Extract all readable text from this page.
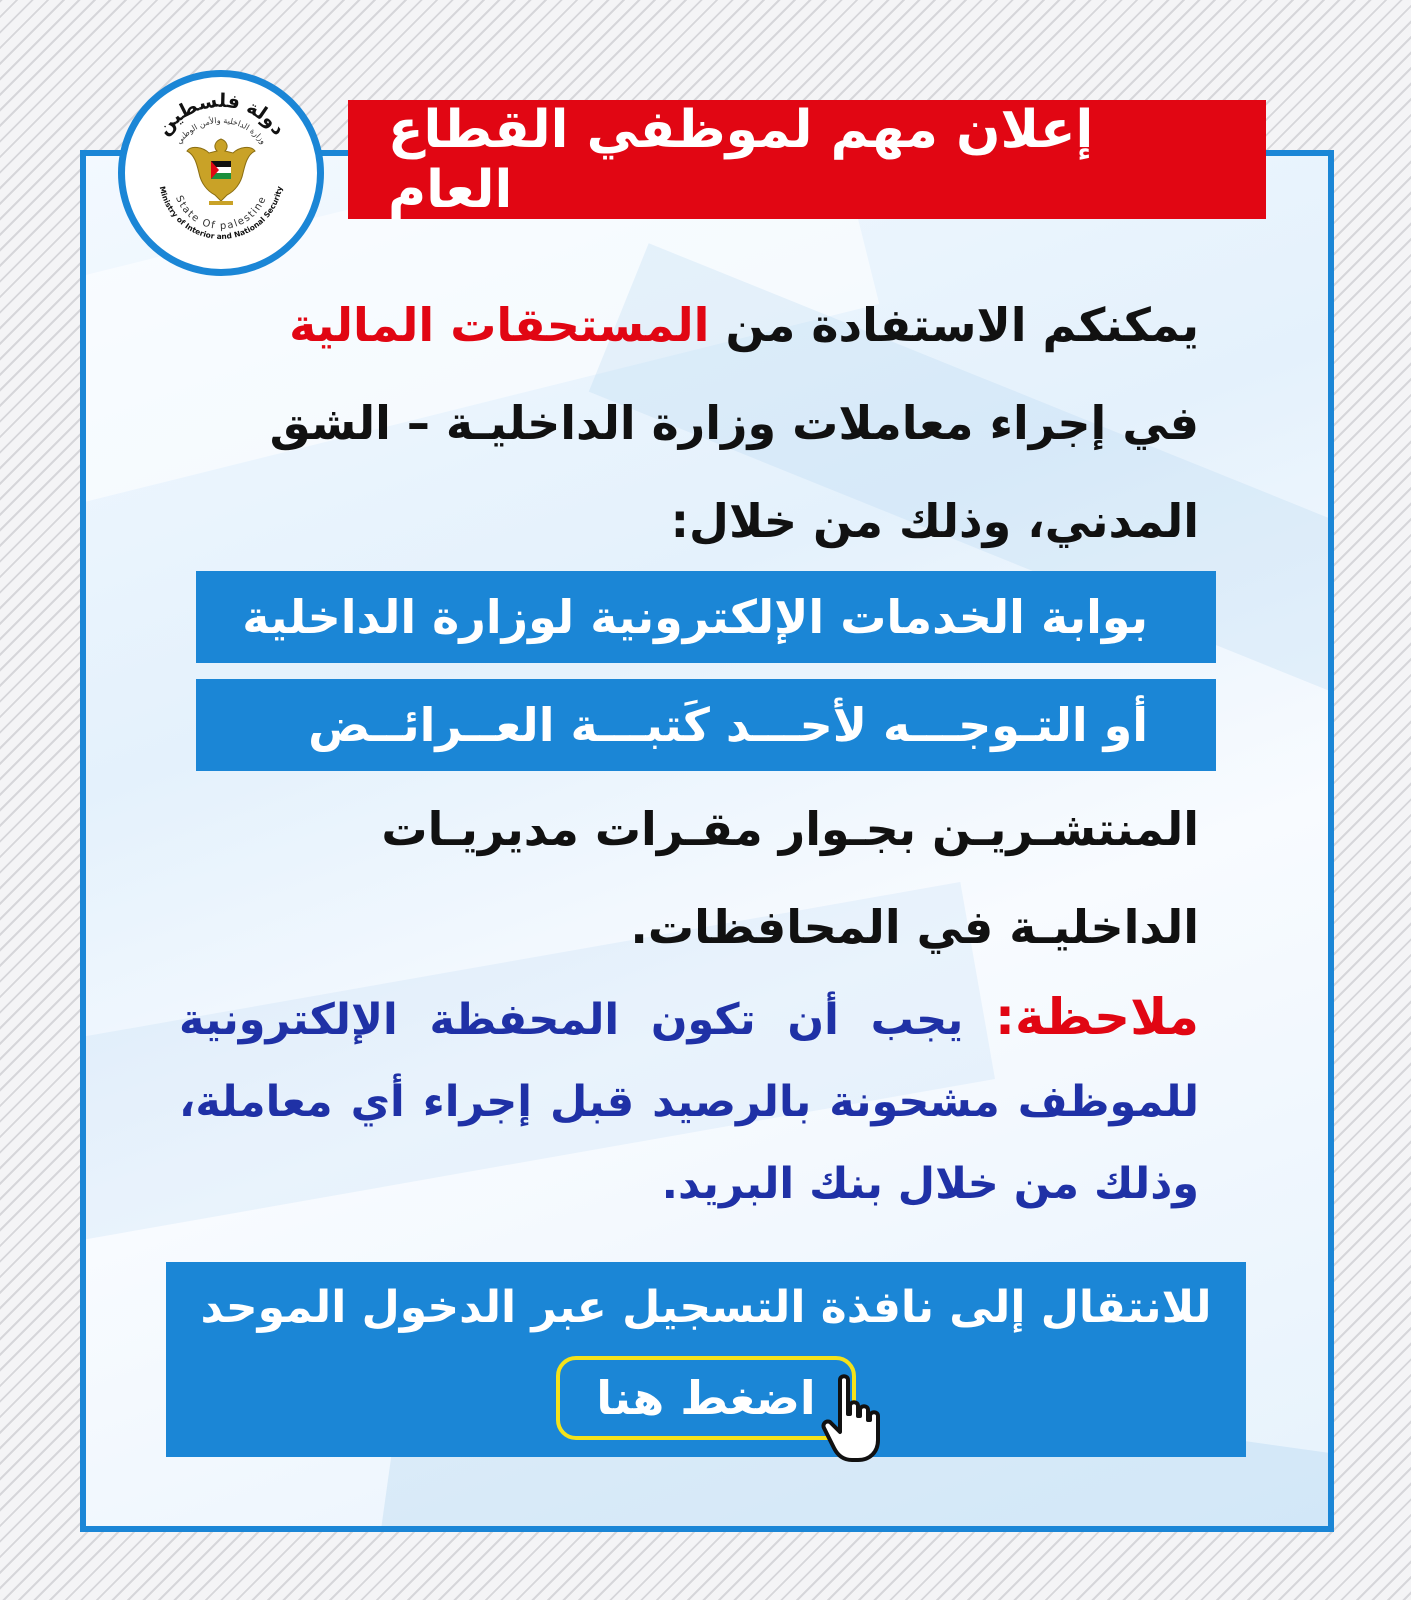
دولة فلسطين
وزارة الداخلية والأمن الوطني
State Of palestine
Ministry of Interior and National Security
إعلان مهم لموظفي القطاع العام
يمكنكم الاستفادة من المستحقات المالية في إجراء معاملات وزارة الداخليـة – الشق المدني، وذلك من خلال:
بوابة الخدمات الإلكترونية لوزارة الداخلية
أو التـوجـــه لأحـــد كَتبـــة العــرائــض
المنتشـريـن بجـوار مقـرات مديريـات الداخليـة في المحافظات.
ملاحظة: يجب أن تكون المحفظة الإلكترونية للموظف مشحونة بالرصيد قبل إجراء أي معاملة، وذلك من خلال بنك البريد.
للانتقال إلى نافذة التسجيل عبر الدخول الموحد
اضغط هنا
